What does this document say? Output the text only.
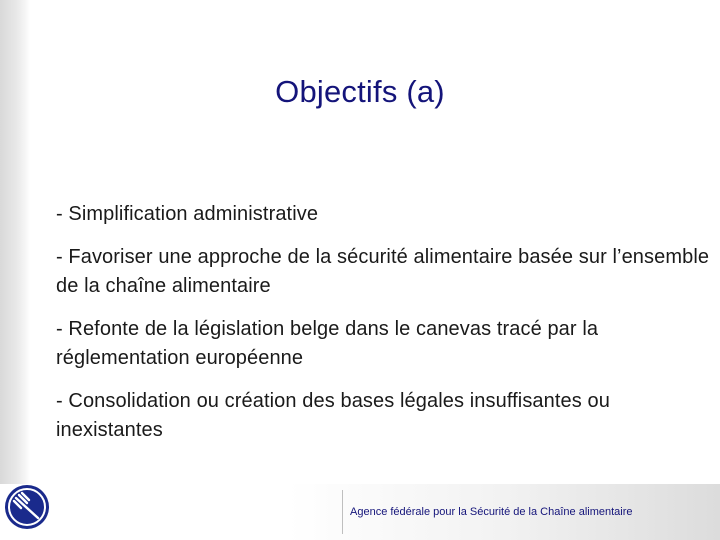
Objectifs (a)
- Simplification administrative
- Favoriser une approche de la sécurité alimentaire basée sur l’ensemble de la chaîne alimentaire
- Refonte de la législation belge dans le canevas tracé par la réglementation européenne
- Consolidation ou création des bases légales insuffisantes ou inexistantes
Agence fédérale pour la Sécurité de la Chaîne alimentaire
